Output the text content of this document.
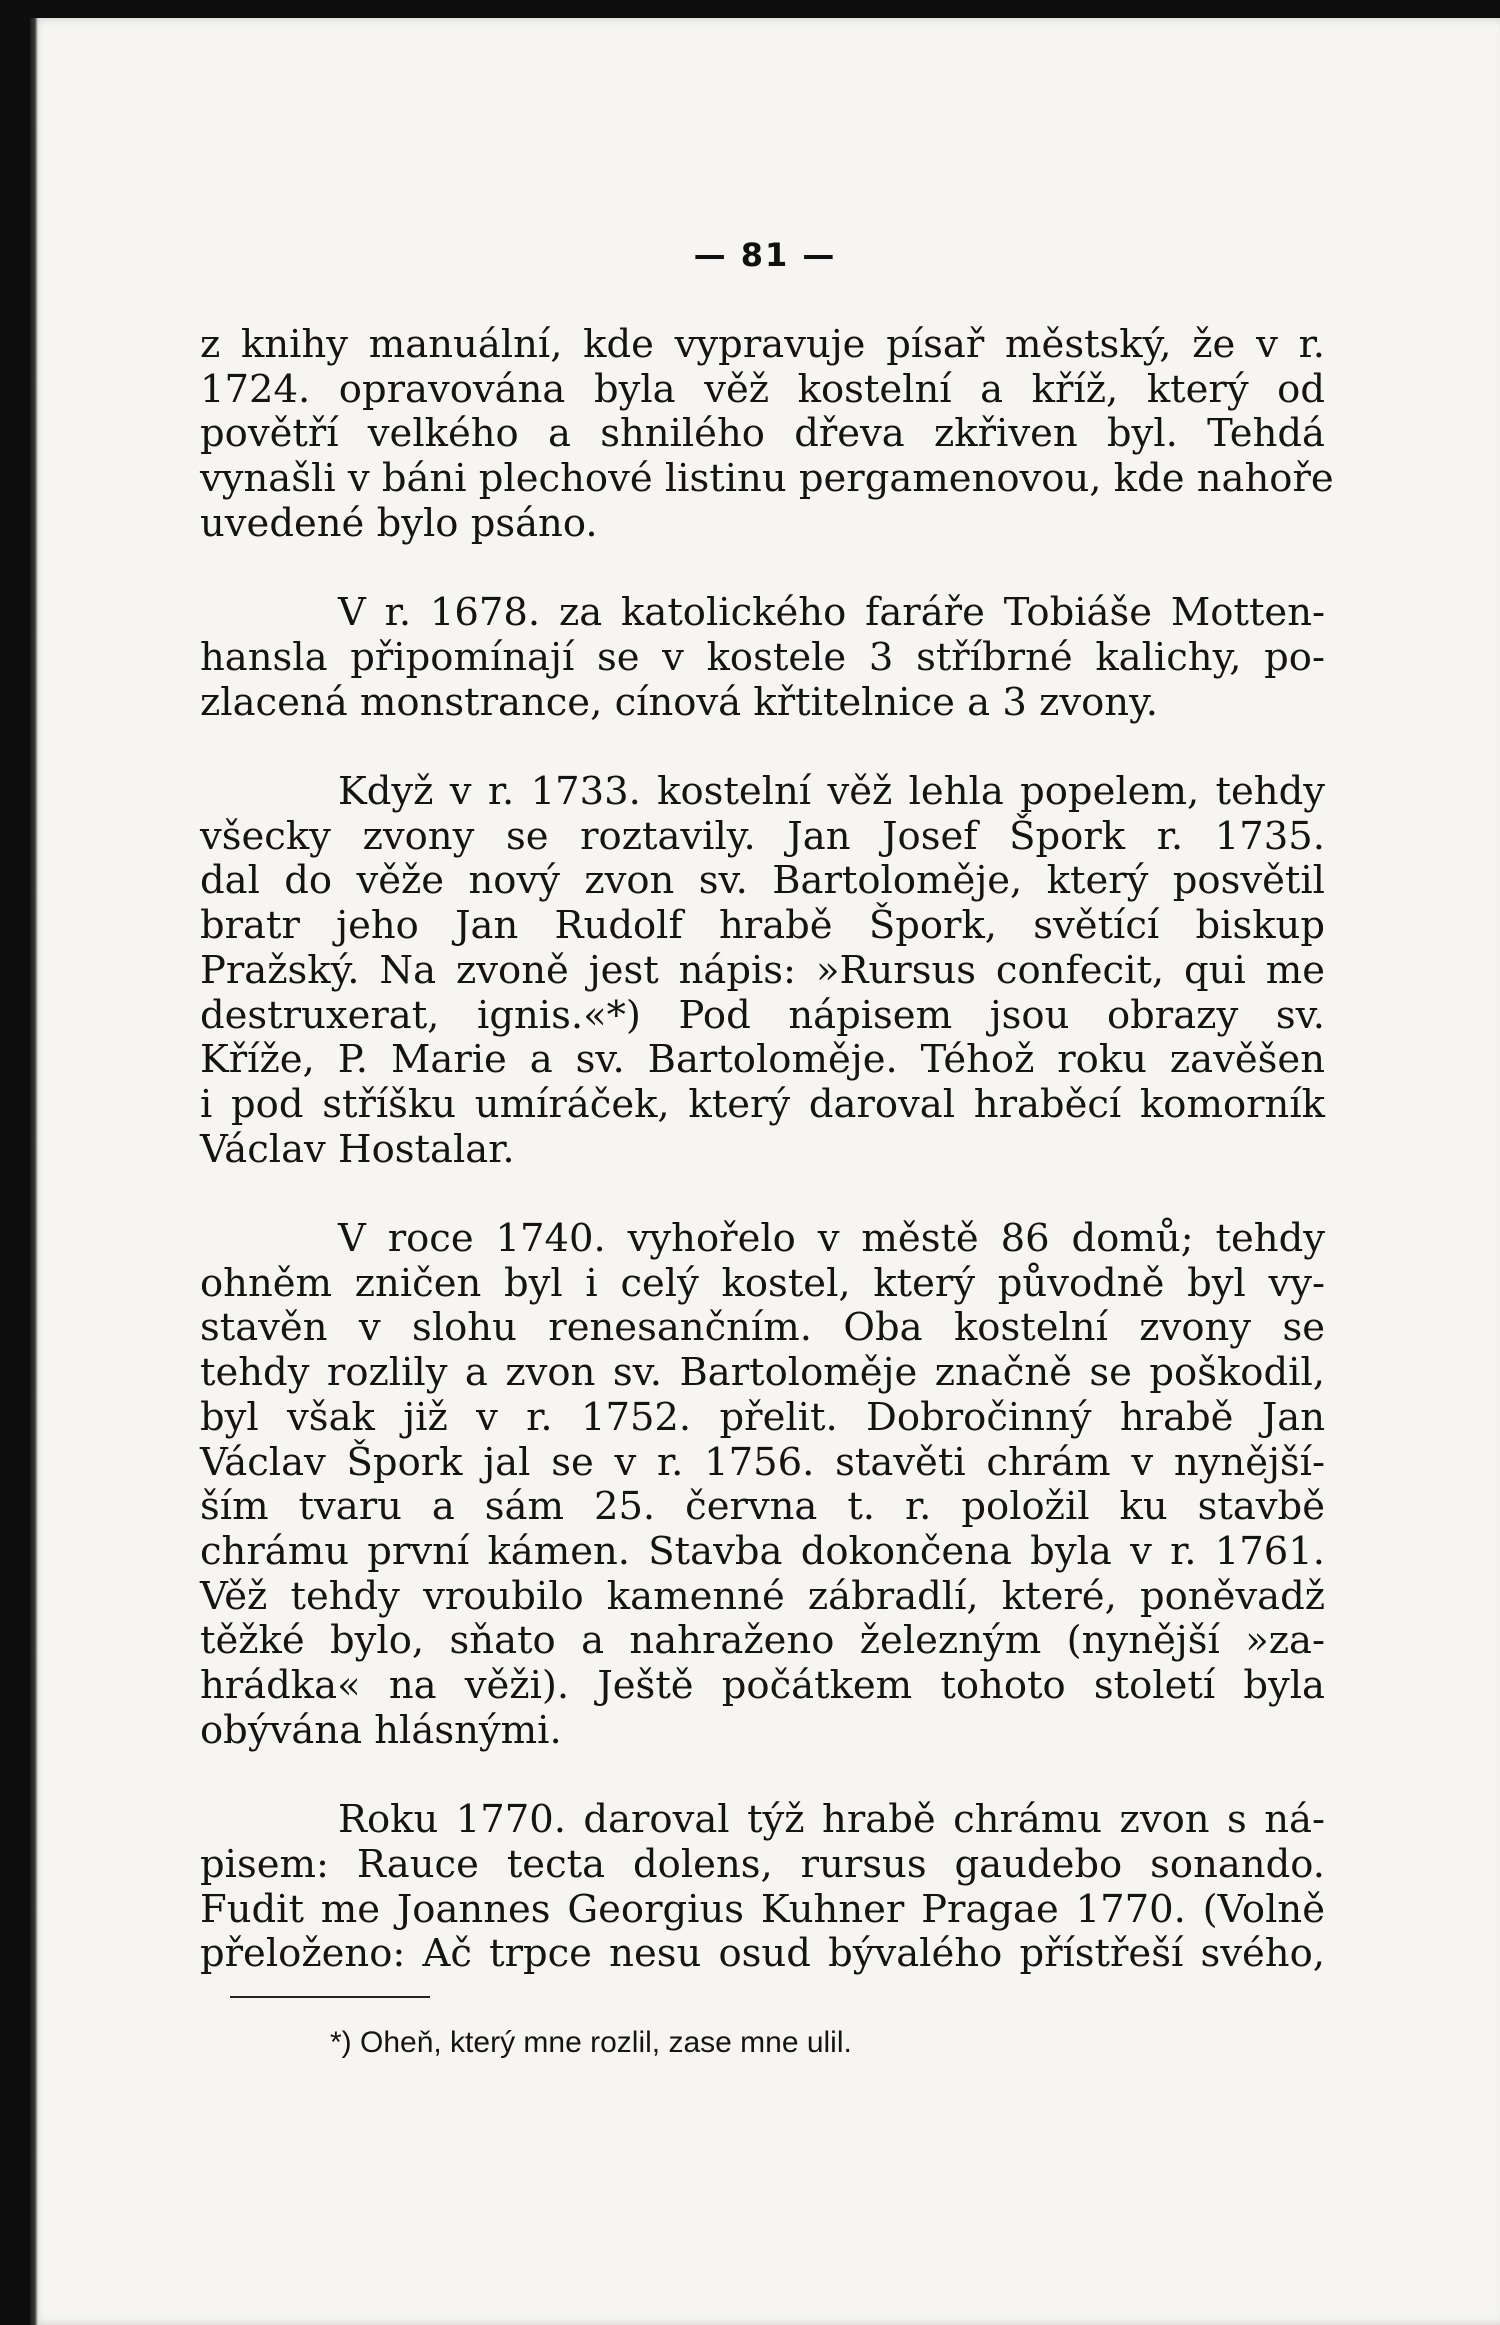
— 81 —
z knihy manuální, kde vypravuje písař městský, že v r.
1724. opravována byla věž kostelní a kříž, který od
povětří velkého a shnilého dřeva zkřiven byl. Tehdá
vynašli v báni plechové listinu pergamenovou, kde nahoře
uvedené bylo psáno.
V r. 1678. za katolického faráře Tobiáše Motten-
hansla připomínají se v kostele 3 stříbrné kalichy, po-
zlacená monstrance, cínová křtitelnice a 3 zvony.
Když v r. 1733. kostelní věž lehla popelem, tehdy
všecky zvony se roztavily. Jan Josef Špork r. 1735.
dal do věže nový zvon sv. Bartoloměje, který posvětil
bratr jeho Jan Rudolf hrabě Špork, světící biskup
Pražský. Na zvoně jest nápis: »Rursus confecit, qui me
destruxerat, ignis.«*) Pod nápisem jsou obrazy sv.
Kříže, P. Marie a sv. Bartoloměje. Téhož roku zavěšen
i pod stříšku umíráček, který daroval hraběcí komorník
Václav Hostalar.
V roce 1740. vyhořelo v městě 86 domů; tehdy
ohněm zničen byl i celý kostel, který původně byl vy-
stavěn v slohu renesančním. Oba kostelní zvony se
tehdy rozlily a zvon sv. Bartoloměje značně se poškodil,
byl však již v r. 1752. přelit. Dobročinný hrabě Jan
Václav Špork jal se v r. 1756. stavěti chrám v nynější-
ším tvaru a sám 25. června t. r. položil ku stavbě
chrámu první kámen. Stavba dokončena byla v r. 1761.
Věž tehdy vroubilo kamenné zábradlí, které, poněvadž
těžké bylo, sňato a nahraženo železným (nynější »za-
hrádka« na věži). Ještě počátkem tohoto století byla
obývána hlásnými.
Roku 1770. daroval týž hrabě chrámu zvon s ná-
pisem: Rauce tecta dolens, rursus gaudebo sonando.
Fudit me Joannes Georgius Kuhner Pragae 1770. (Volně
přeloženo: Ač trpce nesu osud bývalého přístřeší svého,
*) Oheň, který mne rozlil, zase mne ulil.
